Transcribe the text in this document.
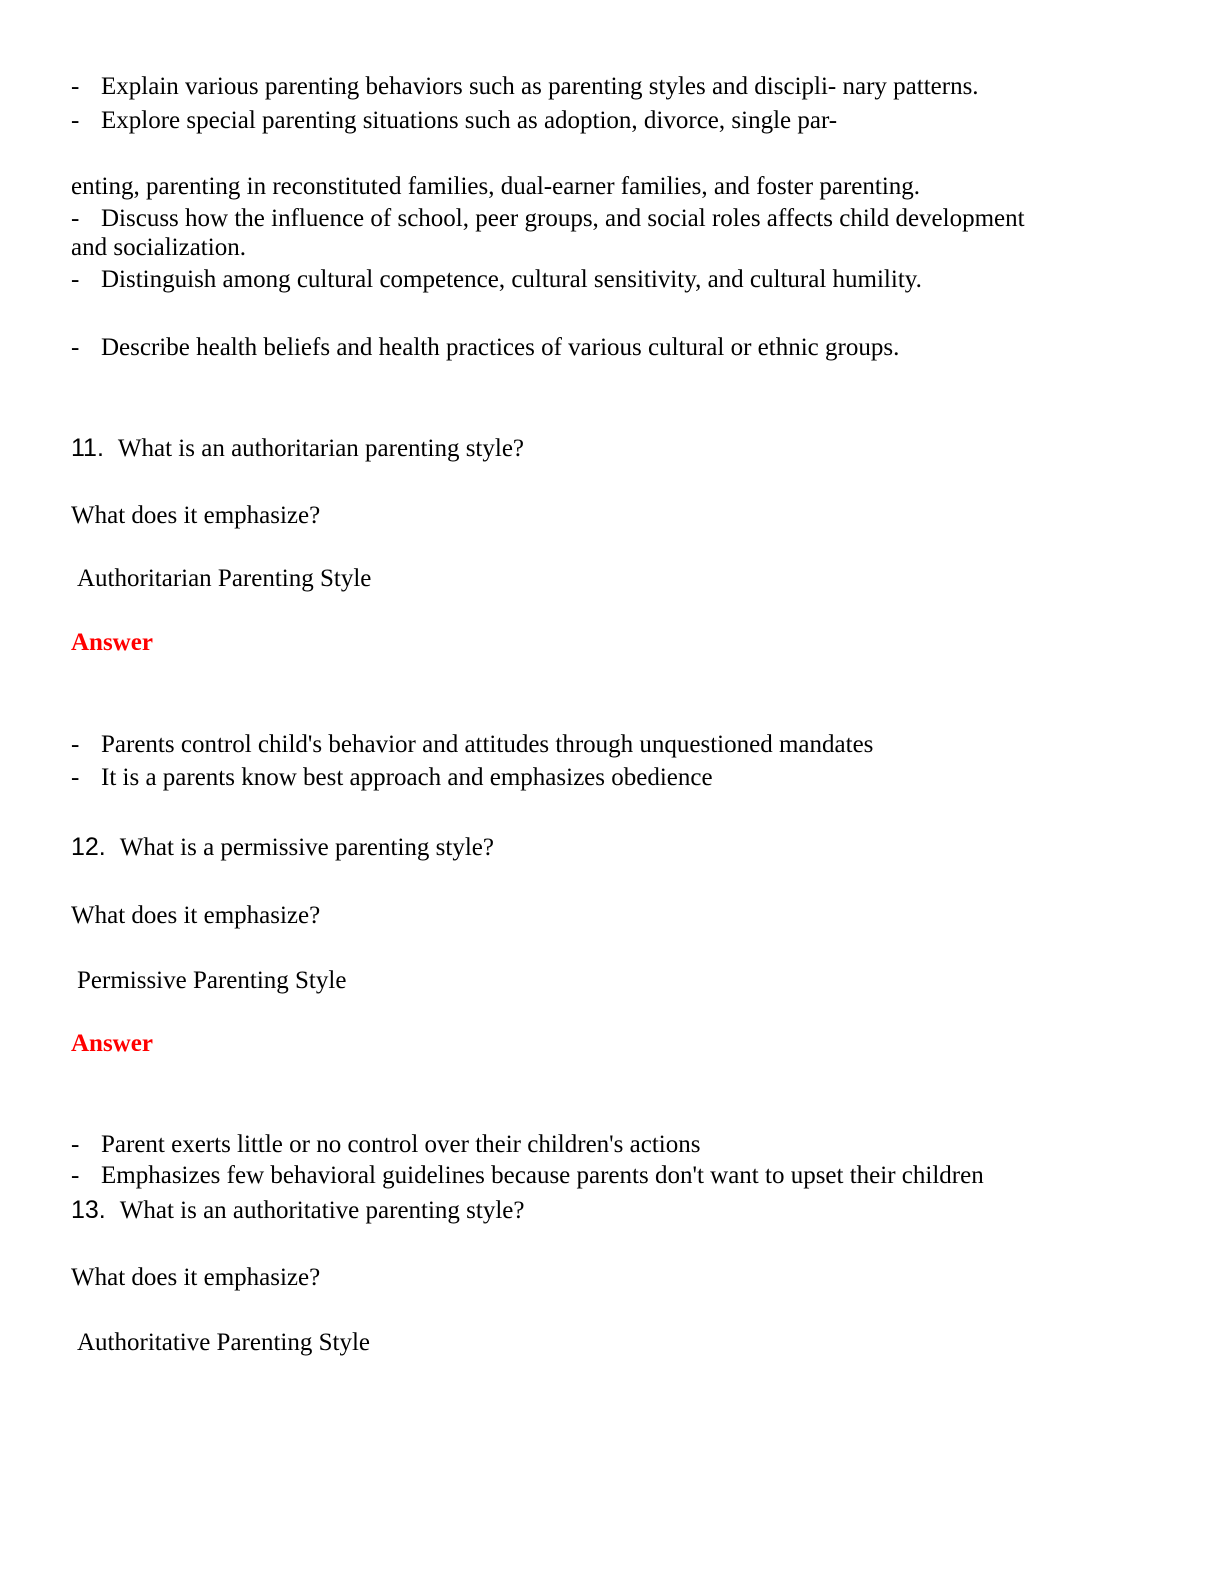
- Explain various parenting behaviors such as parenting styles and discipli- nary patterns.
- Explore special parenting situations such as adoption, divorce, single par-
enting, parenting in reconstituted families, dual-earner families, and foster parenting.
- Discuss how the influence of school, peer groups, and social roles affects child development
and socialization.
- Distinguish among cultural competence, cultural sensitivity, and cultural humility.
- Describe health beliefs and health practices of various cultural or ethnic groups.
11. What is an authoritarian parenting style?
What does it emphasize?
Authoritarian Parenting Style
Answer
- Parents control child's behavior and attitudes through unquestioned mandates
- It is a parents know best approach and emphasizes obedience
12. What is a permissive parenting style?
What does it emphasize?
Permissive Parenting Style
Answer
- Parent exerts little or no control over their children's actions
- Emphasizes few behavioral guidelines because parents don't want to upset their children
13. What is an authoritative parenting style?
What does it emphasize?
Authoritative Parenting Style
